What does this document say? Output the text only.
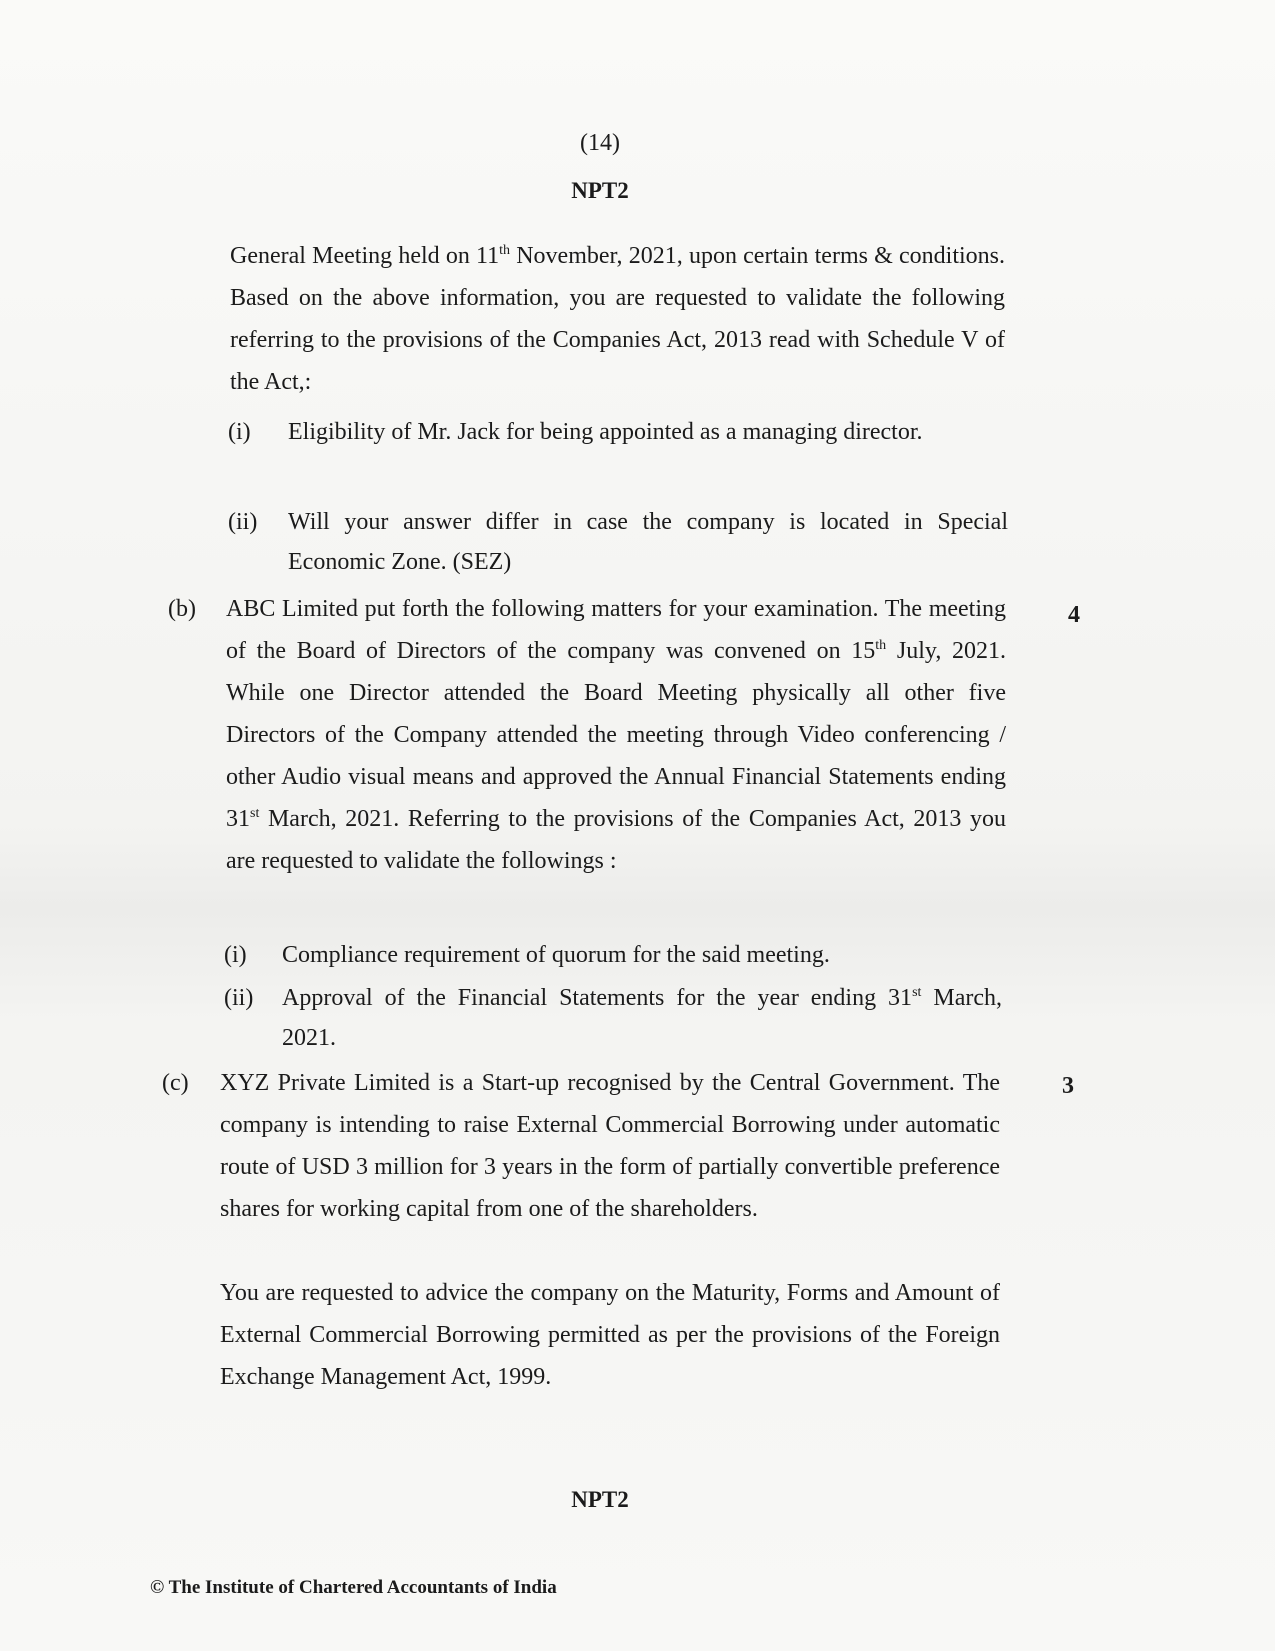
(14)
NPT2
General Meeting held on 11th November, 2021, upon certain terms & conditions. Based on the above information, you are requested to validate the following referring to the provisions of the Companies Act, 2013 read with Schedule V of the Act,:
(i) Eligibility of Mr. Jack for being appointed as a managing director.
(ii) Will your answer differ in case the company is located in Special Economic Zone. (SEZ)
(b) ABC Limited put forth the following matters for your examination. The meeting of the Board of Directors of the company was convened on 15th July, 2021. While one Director attended the Board Meeting physically all other five Directors of the Company attended the meeting through Video conferencing / other Audio visual means and approved the Annual Financial Statements ending 31st March, 2021. Referring to the provisions of the Companies Act, 2013 you are requested to validate the followings :
4
(i) Compliance requirement of quorum for the said meeting.
(ii) Approval of the Financial Statements for the year ending 31st March, 2021.
(c) XYZ Private Limited is a Start-up recognised by the Central Government. The company is intending to raise External Commercial Borrowing under automatic route of USD 3 million for 3 years in the form of partially convertible preference shares for working capital from one of the shareholders.
You are requested to advice the company on the Maturity, Forms and Amount of External Commercial Borrowing permitted as per the provisions of the Foreign Exchange Management Act, 1999.
3
NPT2
© The Institute of Chartered Accountants of India
